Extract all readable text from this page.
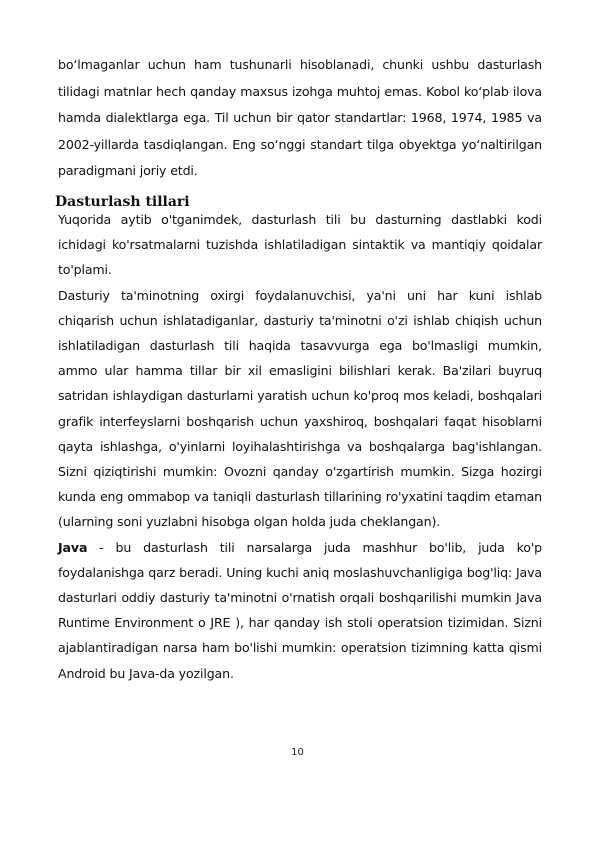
bo‘lmaganlar uchun ham tushunarli hisoblanadi, chunki ushbu dasturlash tilidagi matnlar hech qanday maxsus izohga muhtoj emas. Kobol ko‘plab ilova hamda dialektlarga ega. Til uchun bir qator standartlar: 1968, 1974, 1985 va 2002-yillarda tasdiqlangan. Eng so‘nggi standart tilga obyektga yo‘naltirilgan paradigmani joriy etdi.

Dasturlash tillari

Yuqorida aytib o'tganimdek, dasturlash tili bu dasturning dastlabki kodi ichidagi ko'rsatmalarni tuzishda ishlatiladigan sintaktik va mantiqiy qoidalar to'plami.

Dasturiy ta'minotning oxirgi foydalanuvchisi, ya'ni uni har kuni ishlab chiqarish uchun ishlatadiganlar, dasturiy ta'minotni o'zi ishlab chiqish uchun ishlatiladigan dasturlash tili haqida tasavvurga ega bo'lmasligi mumkin, ammo ular hamma tillar bir xil emasligini bilishlari kerak. Ba'zilari buyruq satridan ishlaydigan dasturlarni yaratish uchun ko'proq mos keladi, boshqalari grafik interfeyslarni boshqarish uchun yaxshiroq, boshqalari faqat hisoblarni qayta ishlashga, o'yinlarni loyihalashtirishga va boshqalarga bag'ishlangan. Sizni qiziqtirishi mumkin: Ovozni qanday o'zgartirish mumkin. Sizga hozirgi kunda eng ommabop va taniqli dasturlash tillarining ro'yxatini taqdim etaman (ularning soni yuzlabni hisobga olgan holda juda cheklangan).

Java - bu dasturlash tili narsalarga juda mashhur bo'lib, juda ko'p foydalanishga qarz beradi. Uning kuchi aniq moslashuvchanligiga bog'liq: Java dasturlari oddiy dasturiy ta'minotni o'rnatish orqali boshqarilishi mumkin Java Runtime Environment o JRE ), har qanday ish stoli operatsion tizimidan. Sizni ajablantiradigan narsa ham bo'lishi mumkin: operatsion tizimning katta qismi Android bu Java-da yozilgan.

10
